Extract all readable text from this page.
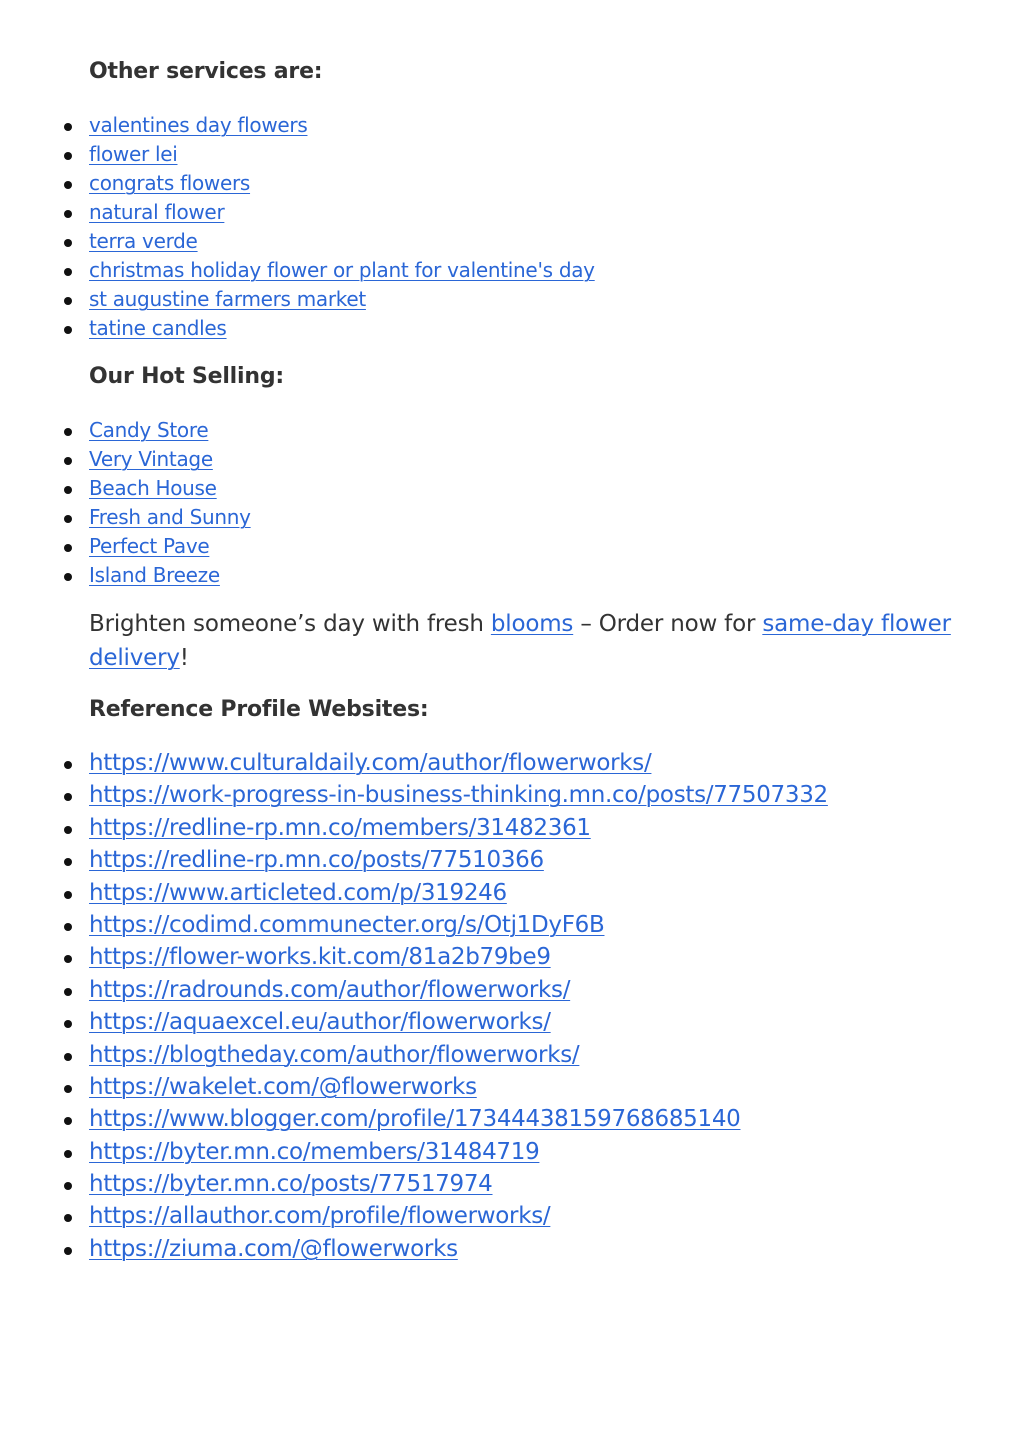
Other services are:
valentines day flowers
flower lei
congrats flowers
natural flower
terra verde
christmas holiday flower or plant for valentine's day
st augustine farmers market
tatine candles
Our Hot Selling:
Candy Store
Very Vintage
Beach House
Fresh and Sunny
Perfect Pave
Island Breeze

Brighten someone’s day with fresh blooms – Order now for same-day flower delivery!

Reference Profile Websites:
https://www.culturaldaily.com/author/flowerworks/
https://work-progress-in-business-thinking.mn.co/posts/77507332
https://redline-rp.mn.co/members/31482361
https://redline-rp.mn.co/posts/77510366
https://www.articleted.com/p/319246
https://codimd.communecter.org/s/Otj1DyF6B
https://flower-works.kit.com/81a2b79be9
https://radrounds.com/author/flowerworks/
https://aquaexcel.eu/author/flowerworks/
https://blogtheday.com/author/flowerworks/
https://wakelet.com/@flowerworks
https://www.blogger.com/profile/17344438159768685140
https://byter.mn.co/members/31484719
https://byter.mn.co/posts/77517974
https://allauthor.com/profile/flowerworks/
https://ziuma.com/@flowerworks
